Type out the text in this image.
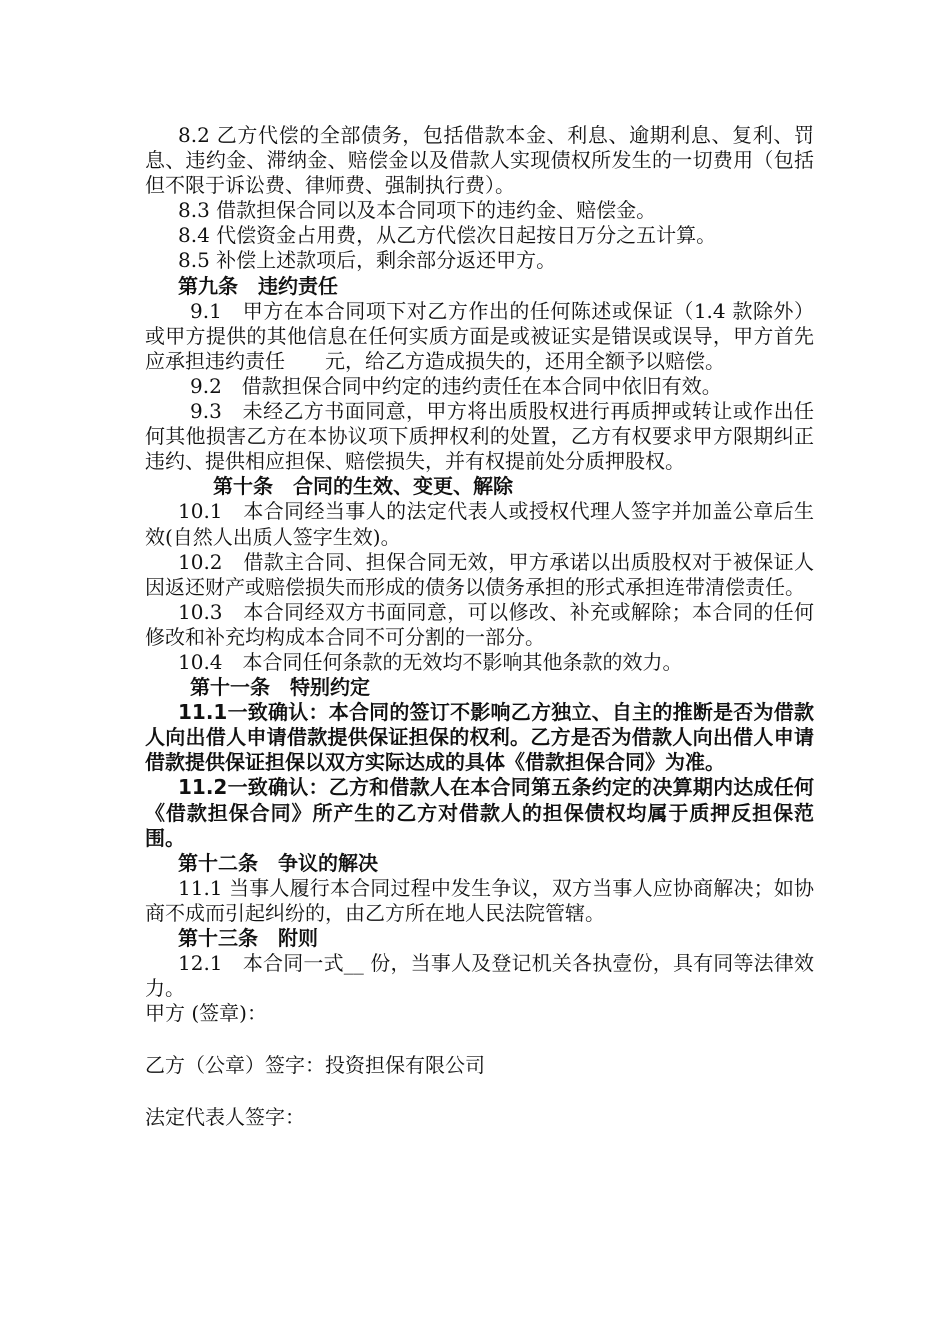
8.2 乙方代偿的全部债务，包括借款本金、利息、逾期利息、复利、罚息、违约金、滞纳金、赔偿金以及借款人实现债权所发生的一切费用（包括但不限于诉讼费、律师费、强制执行费）。

8.3 借款担保合同以及本合同项下的违约金、赔偿金。

8.4 代偿资金占用费，从乙方代偿次日起按日万分之五计算。

8.5 补偿上述款项后，剩余部分返还甲方。

第九条　违约责任

9.1　甲方在本合同项下对乙方作出的任何陈述或保证（1.4 款除外）或甲方提供的其他信息在任何实质方面是或被证实是错误或误导，甲方首先应承担违约责任　　元，给乙方造成损失的，还用全额予以赔偿。

9.2　借款担保合同中约定的违约责任在本合同中依旧有效。

9.3　未经乙方书面同意，甲方将出质股权进行再质押或转让或作出任何其他损害乙方在本协议项下质押权利的处置，乙方有权要求甲方限期纠正违约、提供相应担保、赔偿损失，并有权提前处分质押股权。

第十条　合同的生效、变更、解除

10.1　本合同经当事人的法定代表人或授权代理人签字并加盖公章后生效(自然人出质人签字生效)。

10.2　借款主合同、担保合同无效，甲方承诺以出质股权对于被保证人因返还财产或赔偿损失而形成的债务以债务承担的形式承担连带清偿责任。

10.3　本合同经双方书面同意，可以修改、补充或解除；本合同的任何修改和补充均构成本合同不可分割的一部分。

10.4　本合同任何条款的无效均不影响其他条款的效力。

第十一条　特别约定

11.1一致确认：本合同的签订不影响乙方独立、自主的推断是否为借款人向出借人申请借款提供保证担保的权利。乙方是否为借款人向出借人申请借款提供保证担保以双方实际达成的具体《借款担保合同》为准。

11.2一致确认：乙方和借款人在本合同第五条约定的决算期内达成任何《借款担保合同》所产生的乙方对借款人的担保债权均属于质押反担保范围。

第十二条　争议的解决

11.1 当事人履行本合同过程中发生争议，双方当事人应协商解决；如协商不成而引起纠纷的，由乙方所在地人民法院管辖。

第十三条　附则

12.1　本合同一式__ 份，当事人及登记机关各执壹份，具有同等法律效力。

甲方 (签章)：

乙方（公章）签字：投资担保有限公司

法定代表人签字：
